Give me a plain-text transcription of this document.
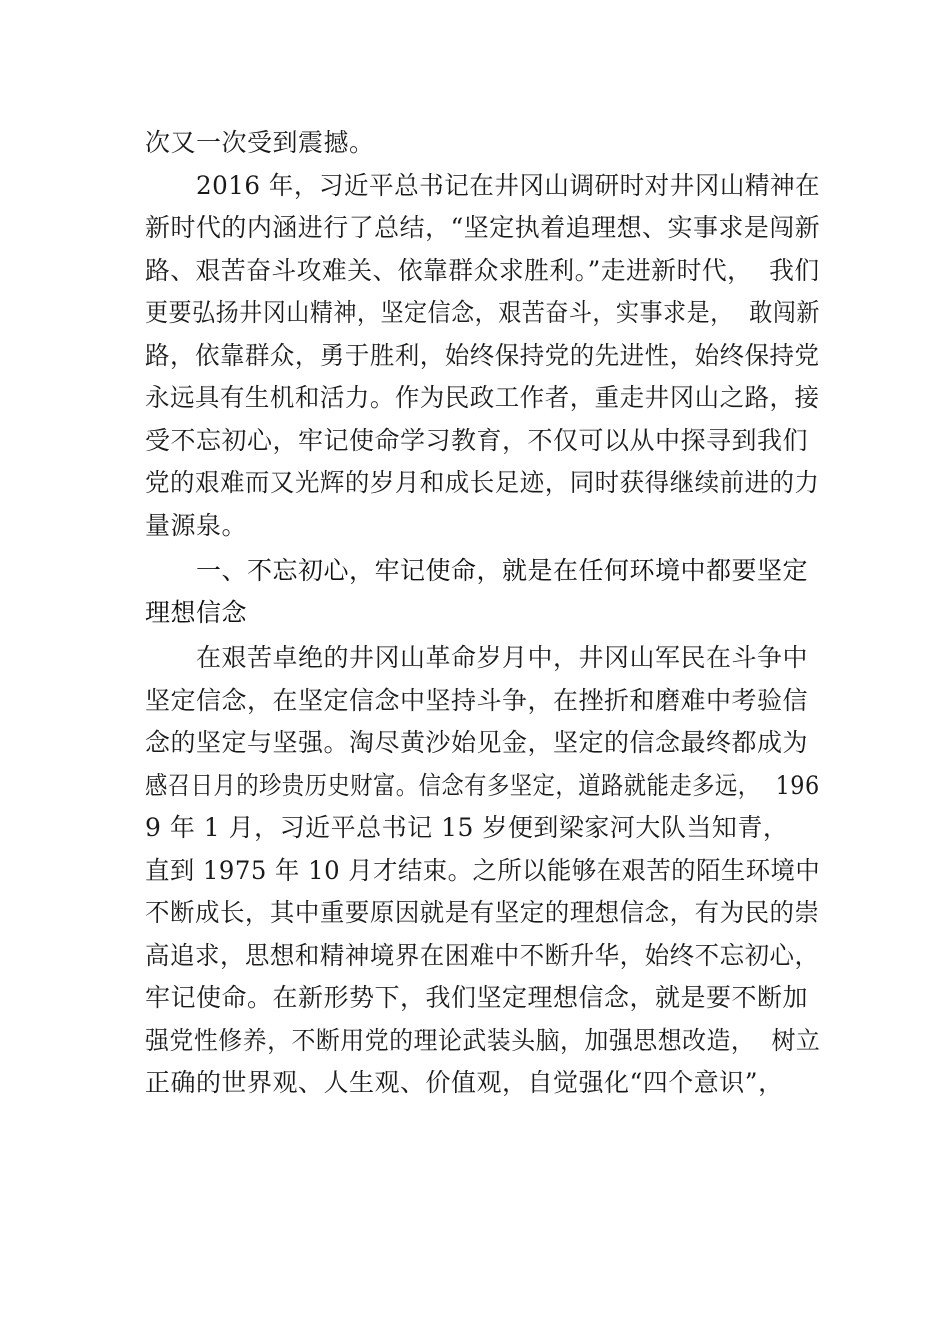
次又一次受到震撼。
2016 年，习近平总书记在井冈山调研时对井冈山精神在
新时代的内涵进行了总结，“坚定执着追理想、实事求是闯新
路、艰苦奋斗攻难关、依靠群众求胜利。”走进新时代，  我们
更要弘扬井冈山精神，坚定信念，艰苦奋斗，实事求是，  敢闯新
路，依靠群众，勇于胜利，始终保持党的先进性，始终保持党
永远具有生机和活力。作为民政工作者，重走井冈山之路，接
受不忘初心，牢记使命学习教育，不仅可以从中探寻到我们
党的艰难而又光辉的岁月和成长足迹，同时获得继续前进的力
量源泉。
一、不忘初心，牢记使命，就是在任何环境中都要坚定
理想信念
在艰苦卓绝的井冈山革命岁月中，井冈山军民在斗争中
坚定信念，在坚定信念中坚持斗争，在挫折和磨难中考验信
念的坚定与坚强。淘尽黄沙始见金，坚定的信念最终都成为
感召日月的珍贵历史财富。信念有多坚定，道路就能走多远，  196
9 年 1 月，习近平总书记 15 岁便到梁家河大队当知青，
直到 1975 年 10 月才结束。之所以能够在艰苦的陌生环境中
不断成长，其中重要原因就是有坚定的理想信念，有为民的崇
高追求，思想和精神境界在困难中不断升华，始终不忘初心，
牢记使命。在新形势下，我们坚定理想信念，就是要不断加
强党性修养，不断用党的理论武装头脑，加强思想改造，  树立
正确的世界观、人生观、价值观，自觉强化“四个意识”，
